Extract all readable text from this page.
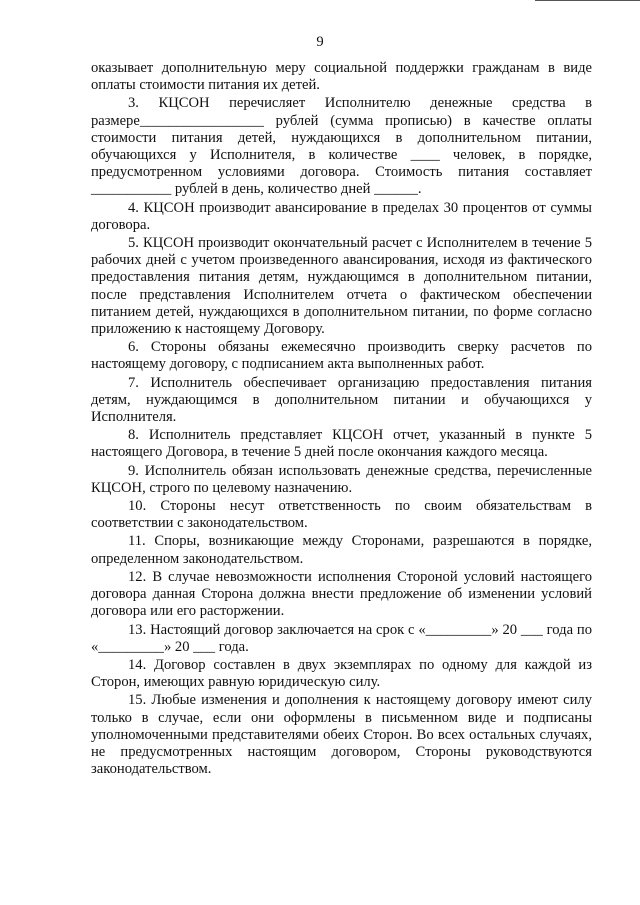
9

оказывает дополнительную меру социальной поддержки гражданам в виде оплаты стоимости питания их детей.

3. КЦСОН перечисляет Исполнителю денежные средства в размере_________________ рублей (сумма прописью) в качестве оплаты стоимости питания детей, нуждающихся в дополнительном питании, обучающихся у Исполнителя, в количестве ____ человек, в порядке, предусмотренном условиями договора. Стоимость питания составляет ___________ рублей в день, количество дней ______.

4. КЦСОН производит авансирование в пределах 30 процентов от суммы договора.

5. КЦСОН производит окончательный расчет с Исполнителем в течение 5 рабочих дней с учетом произведенного авансирования, исходя из фактического предоставления питания детям, нуждающимся в дополнительном питании, после представления Исполнителем отчета о фактическом обеспечении питанием детей, нуждающихся в дополнительном питании, по форме согласно приложению к настоящему Договору.

6. Стороны обязаны ежемесячно производить сверку расчетов по настоящему договору, с подписанием акта выполненных работ.

7. Исполнитель обеспечивает организацию предоставления питания детям, нуждающимся в дополнительном питании и обучающихся у Исполнителя.

8. Исполнитель представляет КЦСОН отчет, указанный в пункте 5 настоящего Договора, в течение 5 дней после окончания каждого месяца.

9. Исполнитель обязан использовать денежные средства, перечисленные КЦСОН, строго по целевому назначению.

10. Стороны несут ответственность по своим обязательствам в соответствии с законодательством.

11. Споры, возникающие между Сторонами, разрешаются в порядке, определенном законодательством.

12. В случае невозможности исполнения Стороной условий настоящего договора данная Сторона должна внести предложение об изменении условий договора или его расторжении.

13. Настоящий договор заключается на срок с «_________» 20 ___ года по «_________» 20 ___ года.

14. Договор составлен в двух экземплярах по одному для каждой из Сторон, имеющих равную юридическую силу.

15. Любые изменения и дополнения к настоящему договору имеют силу только в случае, если они оформлены в письменном виде и подписаны уполномоченными представителями обеих Сторон. Во всех остальных случаях, не предусмотренных настоящим договором, Стороны руководствуются законодательством.
